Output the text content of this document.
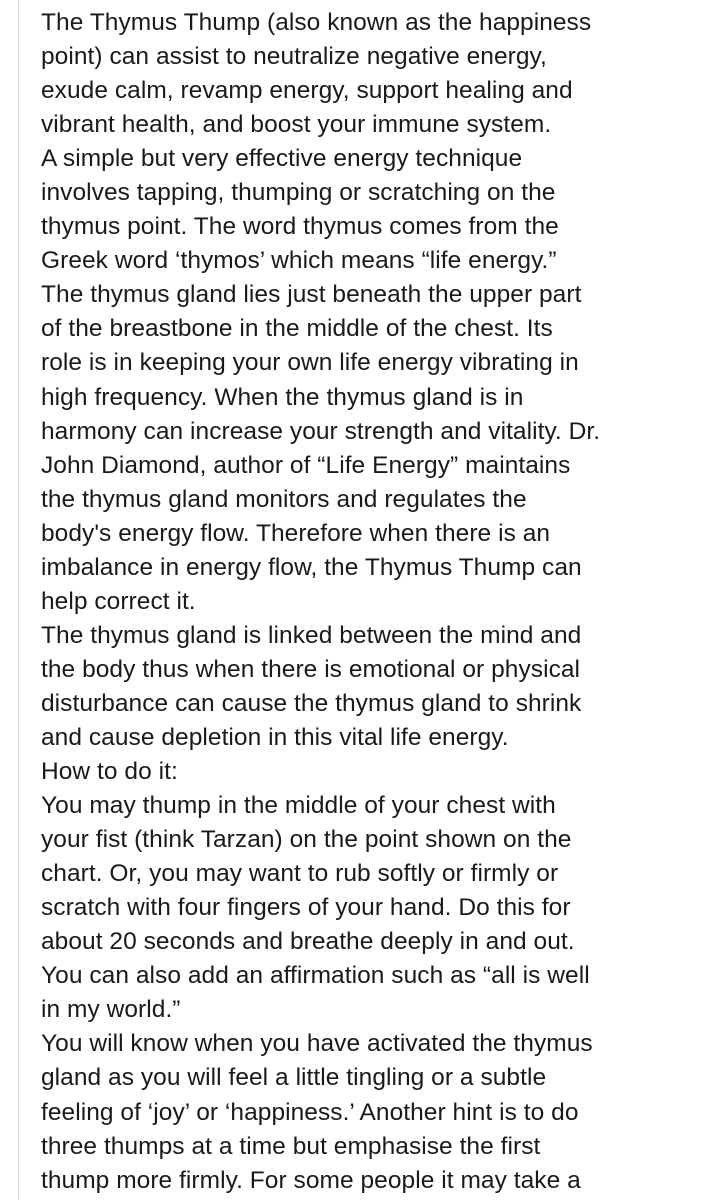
The Thymus Thump (also known as the happiness
point) can assist to neutralize negative energy,
exude calm, revamp energy, support healing and
vibrant health, and boost your immune system.
A simple but very effective energy technique
involves tapping, thumping or scratching on the
thymus point. The word thymus comes from the
Greek word ‘thymos’ which means “life energy.”
The thymus gland lies just beneath the upper part
of the breastbone in the middle of the chest. Its
role is in keeping your own life energy vibrating in
high frequency. When the thymus gland is in
harmony can increase your strength and vitality. Dr.
John Diamond, author of “Life Energy” maintains
the thymus gland monitors and regulates the
body's energy flow. Therefore when there is an
imbalance in energy flow, the Thymus Thump can
help correct it.
The thymus gland is linked between the mind and
the body thus when there is emotional or physical
disturbance can cause the thymus gland to shrink
and cause depletion in this vital life energy.
How to do it:
You may thump in the middle of your chest with
your fist (think Tarzan) on the point shown on the
chart. Or, you may want to rub softly or firmly or
scratch with four fingers of your hand. Do this for
about 20 seconds and breathe deeply in and out.
You can also add an affirmation such as “all is well
in my world.”
You will know when you have activated the thymus
gland as you will feel a little tingling or a subtle
feeling of ‘joy’ or ‘happiness.’ Another hint is to do
three thumps at a time but emphasise the first
thump more firmly. For some people it may take a
